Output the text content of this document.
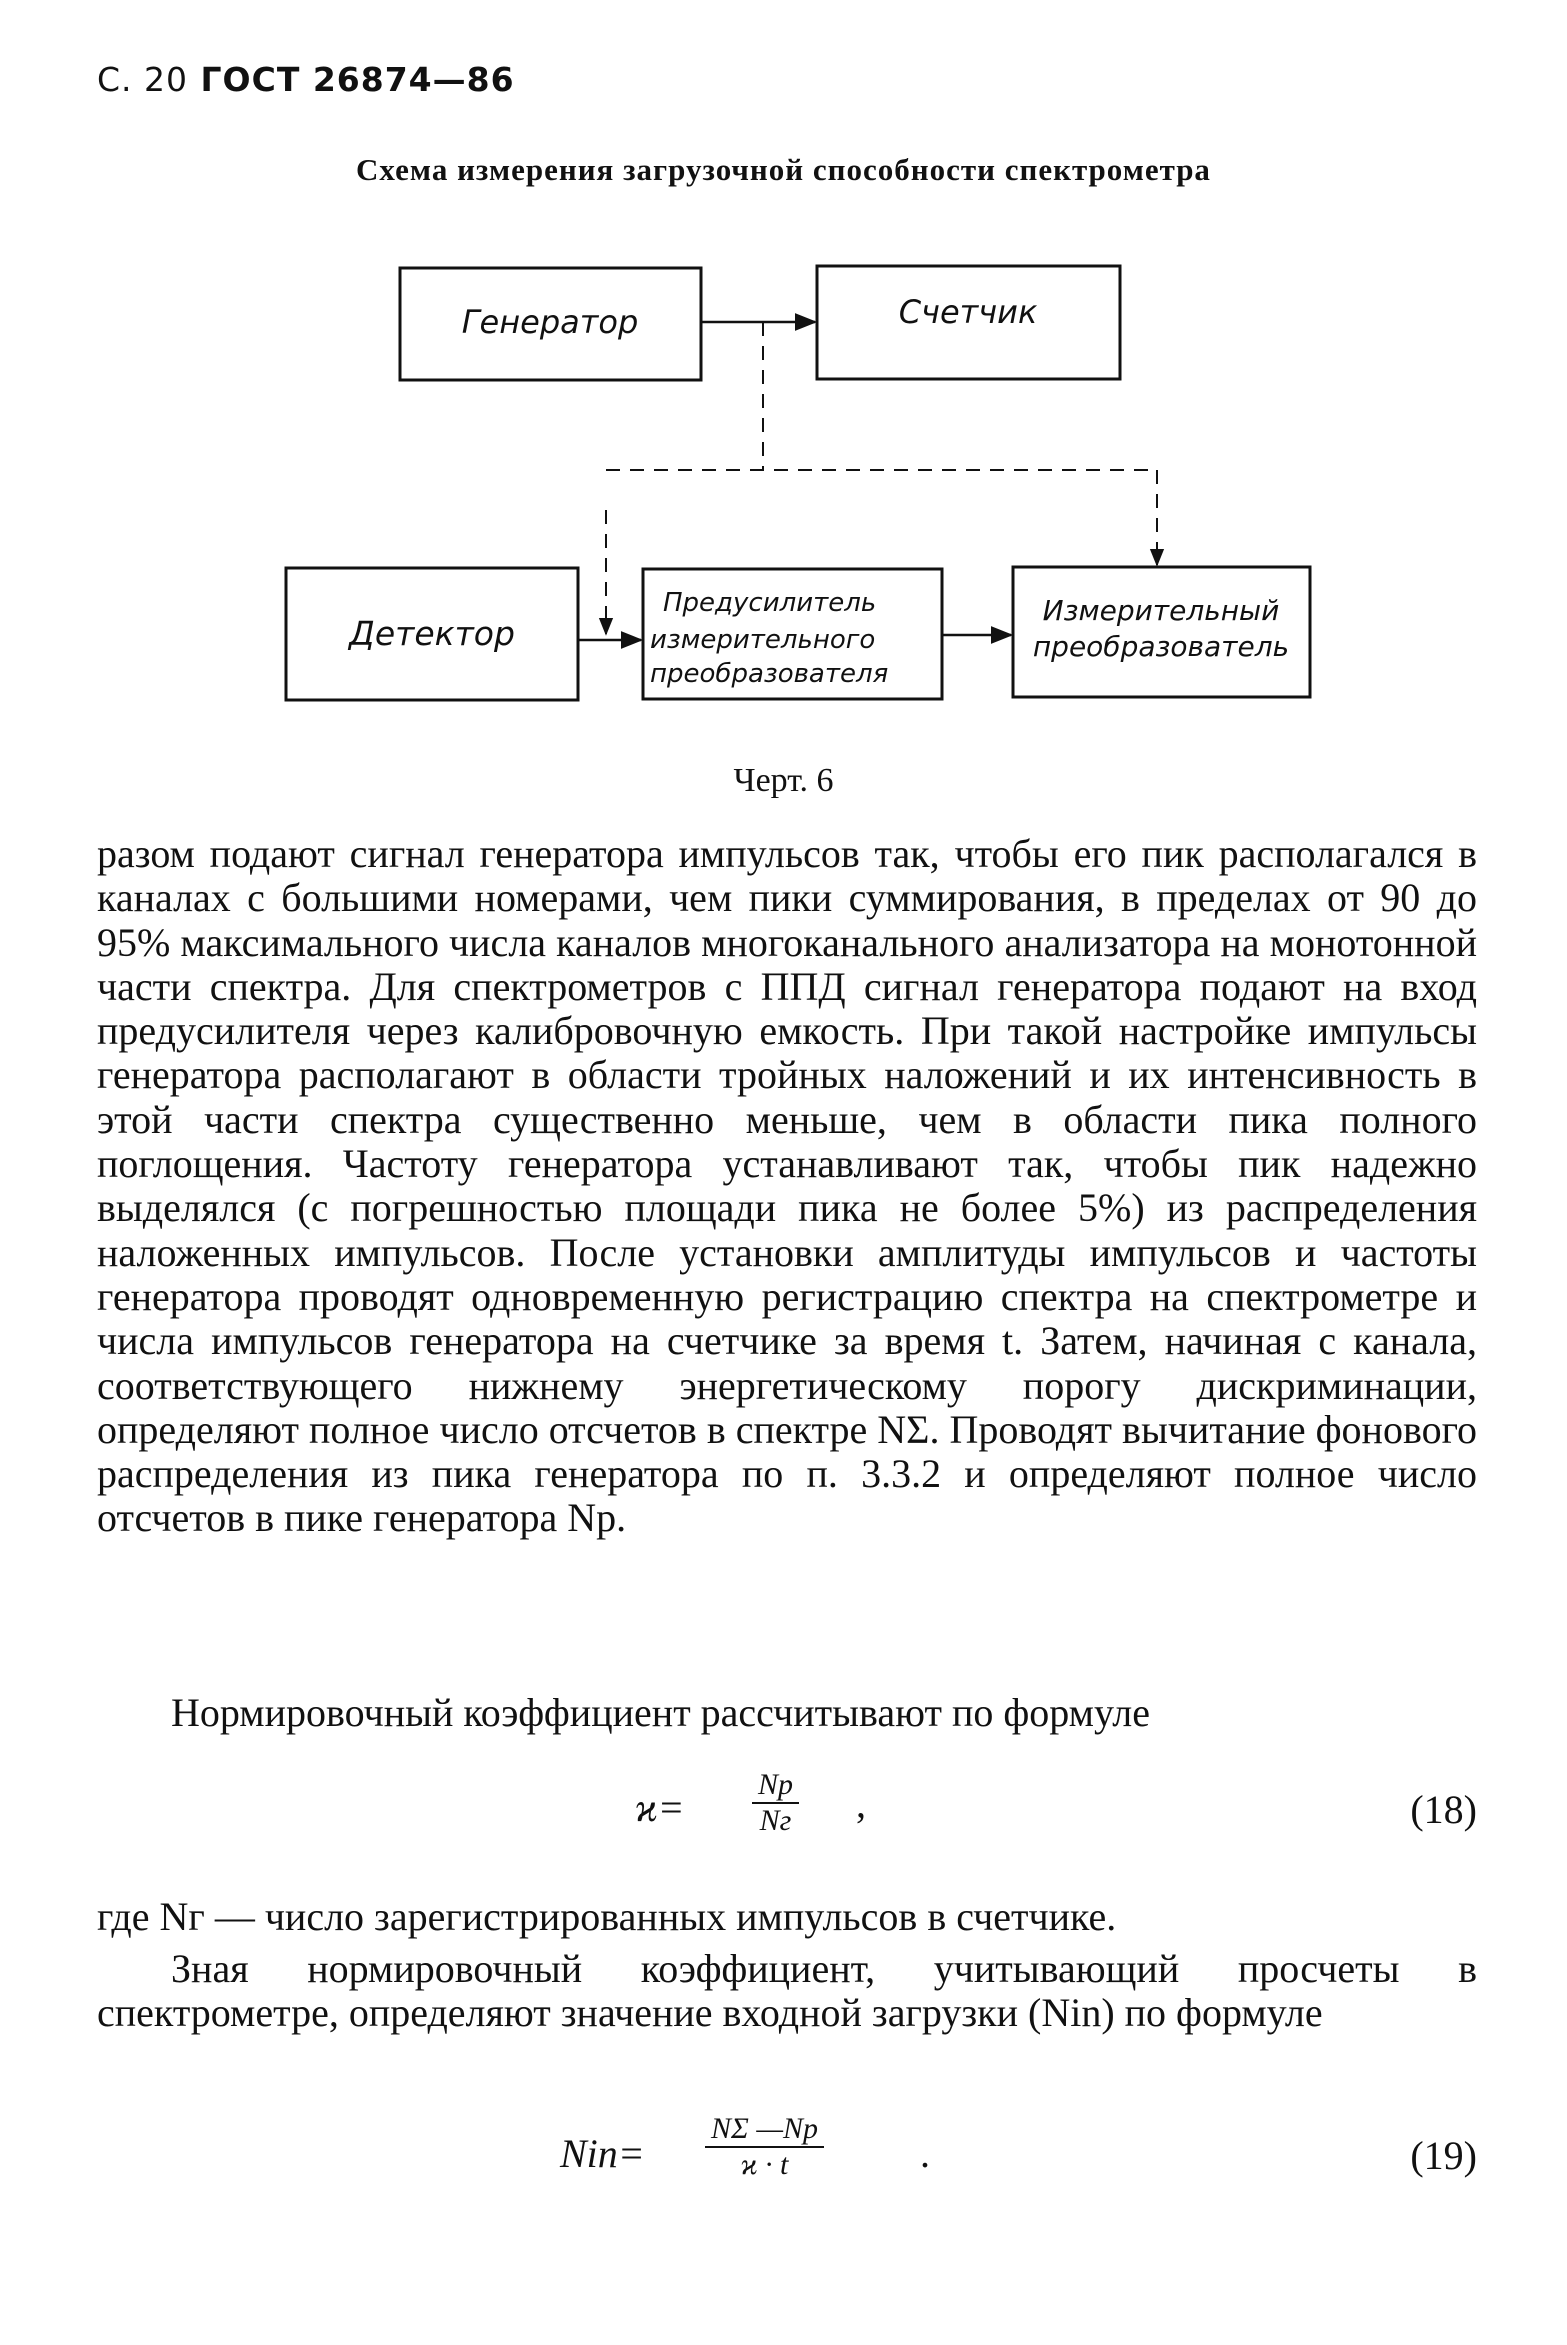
С. 20 ГОСТ 26874—86
Схема измерения загрузочной способности спектрометра
Генератор	Счетчик
Детектор
Предусилитель
измерительного
преобразователя
Измерительный
преобразователь
Черт. 6

разом подают сигнал генератора импульсов так, чтобы его пик располагался в каналах с большими номерами, чем пики суммирования, в пределах от 90 до 95% максимального числа каналов многоканального анализатора на монотонной части спектра. Для спектрометров с ППД сигнал генератора подают на вход предусилителя через калибровочную емкость. При такой настройке импульсы генератора располагают в области тройных наложений и их интенсивность в этой части спектра существенно меньше, чем в области пика полного поглощения. Частоту генератора устанавливают так, чтобы пик надежно выделялся (с погрешностью площади пика не более 5%) из распределения наложенных импульсов. После установки амплитуды импульсов и частоты генератора проводят одновременную регистрацию спектра на спектрометре и числа импульсов генератора на счетчике за время t. Затем, начиная с канала, соответствующего нижнему энергетическому порогу дискриминации, определяют полное число отсчетов в спектре NΣ. Проводят вычитание фонового распределения из пика генератора по п. 3.3.2 и определяют полное число отсчетов в пике генератора Nр.

Нормировочный коэффициент рассчитывают по формуле

ϰ=
Nр
Nг ,	(18)

где Nг — число зарегистрированных импульсов в счетчике.

Зная нормировочный коэффициент, учитывающий просчеты в спектрометре, определяют значение входной загрузки (Nin) по формуле

Nin=
NΣ —Nр
ϰ · t	.	(19)
